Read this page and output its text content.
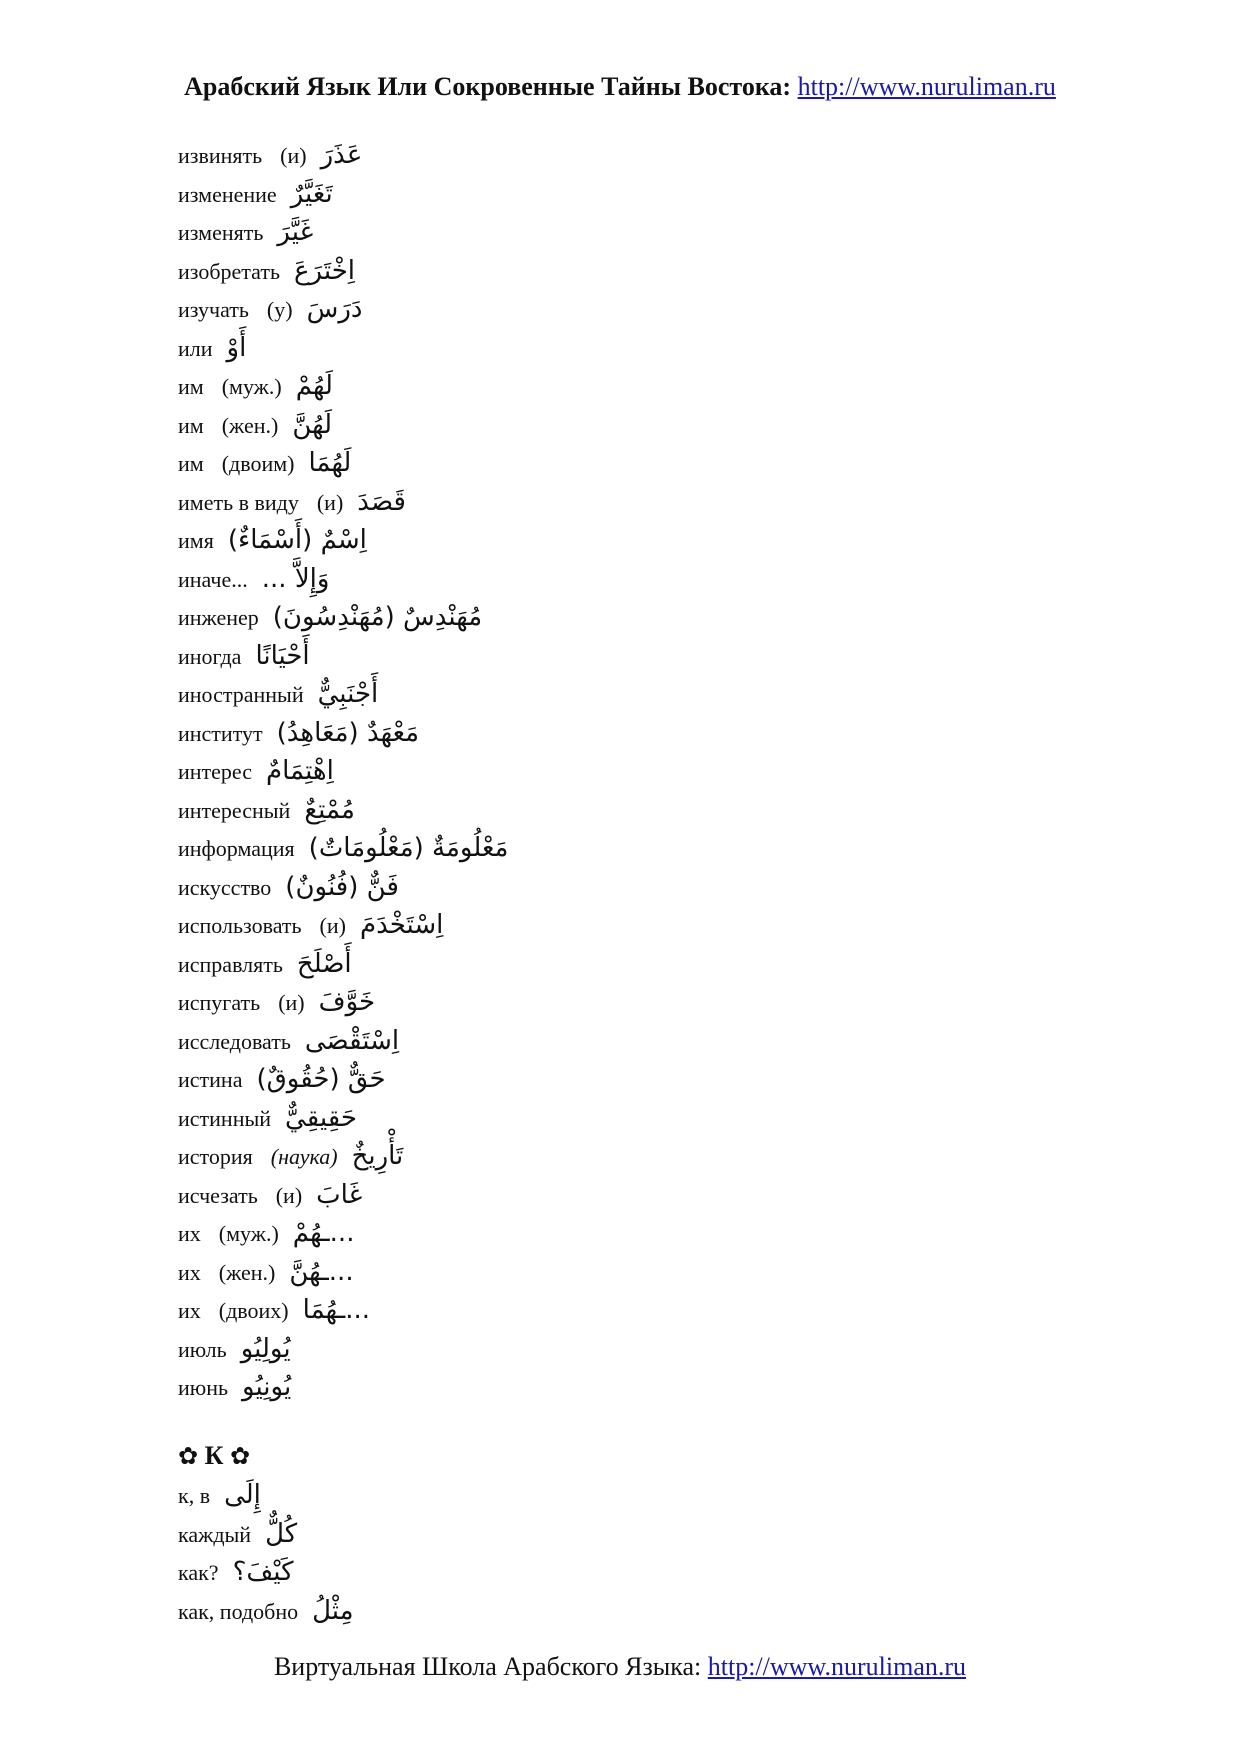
Арабский Язык Или Сокровенные Тайны Востока: http://www.nuruliman.ru
извинять (и) عَذَرَ
изменение تَغَيَّرٌ
изменять غَيَّرَ
изобретать اِخْتَرَعَ
изучать (у) دَرَسَ
или أَوْ
им (муж.) لَهُمْ
им (жен.) لَهُنَّ
им (двоим) لَهُمَا
иметь в виду (и) قَصَدَ
имя اِسْمٌ (أَسْمَاءٌ)
иначе... وَإِلاَّ ...
инженер مُهَنْدِسٌ (مُهَنْدِسُونَ)
иногда أَحْيَانًا
иностранный أَجْنَبِيٌّ
институт مَعْهَدٌ (مَعَاهِدُ)
интерес اِهْتِمَامٌ
интересный مُمْتِعٌ
информация مَعْلُومَةٌ (مَعْلُومَاتٌ)
искусство فَنٌّ (فُنُونٌ)
использовать (и) اِسْتَخْدَمَ
исправлять أَصْلَحَ
испугать (и) خَوَّفَ
исследовать اِسْتَقْصَى
истина حَقٌّ (حُقُوقٌ)
истинный حَقِيقِيٌّ
история (наука) تَأْرِيخٌ
исчезать (и) غَابَ
их (муж.) ...ـهُمْ
их (жен.) ...ـهُنَّ
их (двоих) ...ـهُمَا
июль يُولِيُو
июнь يُونِيُو
✿ К ✿
к, в إِلَى
каждый كُلٌّ
как? كَيْفَ؟
как, подобно مِثْلُ
Виртуальная Школа Арабского Языка: http://www.nuruliman.ru
